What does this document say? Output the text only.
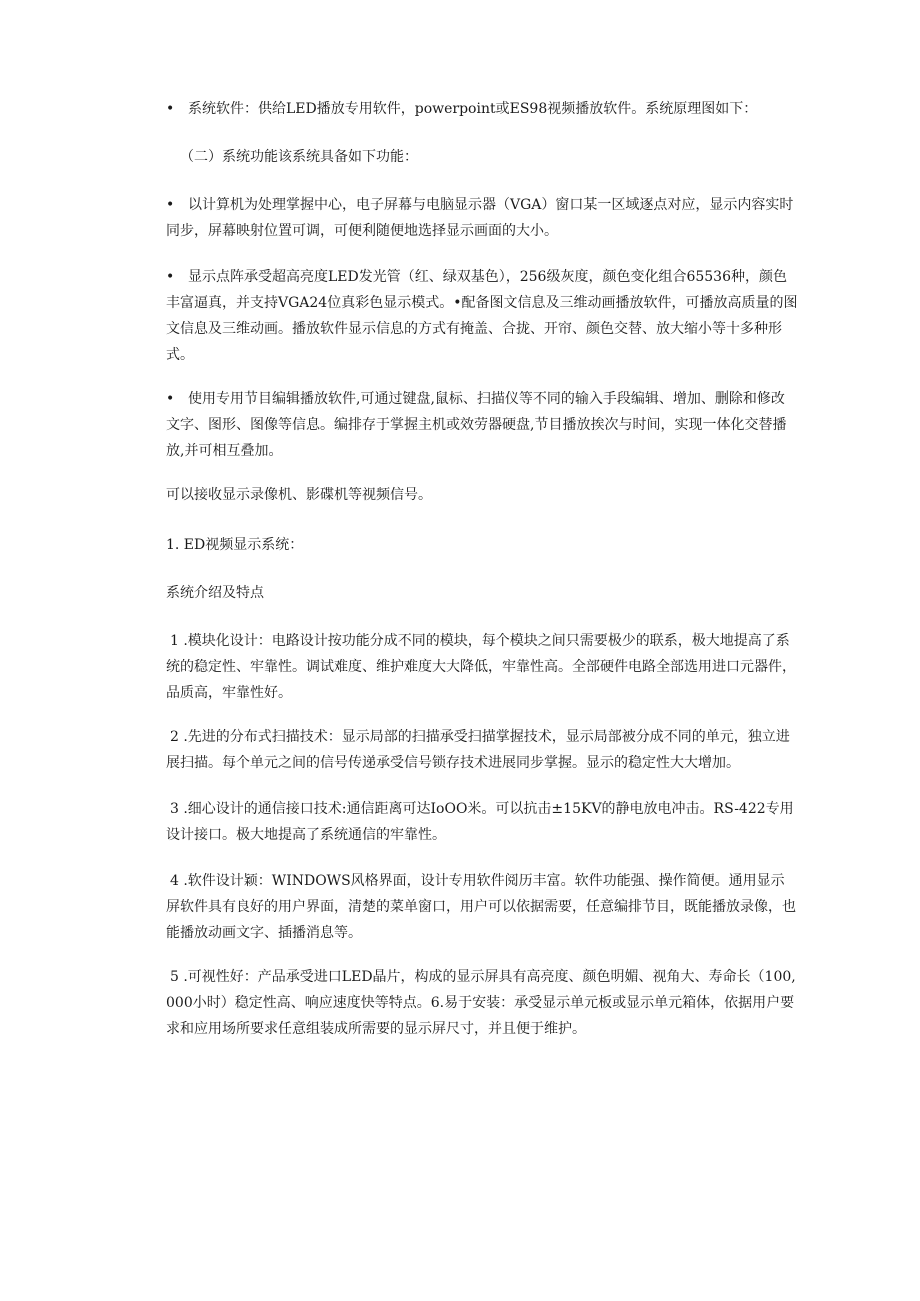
• 系统软件：供给LED播放专用软件，powerpoint或ES98视频播放软件。系统原理图如下：

（二）系统功能该系统具备如下功能：

• 以计算机为处理掌握中心，电子屏幕与电脑显示器（VGA）窗口某一区域逐点对应，显示内容实时同步，屏幕映射位置可调，可便利随便地选择显示画面的大小。

• 显示点阵承受超高亮度LED发光管（红、绿双基色），256级灰度，颜色变化组合65536种，颜色丰富逼真，并支持VGA24位真彩色显示模式。•配备图文信息及三维动画播放软件，可播放高质量的图文信息及三维动画。播放软件显示信息的方式有掩盖、合拢、开帘、颜色交替、放大缩小等十多种形式。

• 使用专用节目编辑播放软件,可通过键盘,鼠标、扫描仪等不同的输入手段编辑、增加、删除和修改文字、图形、图像等信息。编排存于掌握主机或效劳器硬盘,节目播放挨次与时间，实现一体化交替播放,并可相互叠加。

可以接收显示录像机、影碟机等视频信号。

1. ED视频显示系统：

系统介绍及特点

1 .模块化设计：电路设计按功能分成不同的模块，每个模块之间只需要极少的联系，极大地提高了系统的稳定性、牢靠性。调试难度、维护难度大大降低，牢靠性高。全部硬件电路全部选用进口元器件，品质高，牢靠性好。

2 .先进的分布式扫描技术：显示局部的扫描承受扫描掌握技术，显示局部被分成不同的单元，独立进展扫描。每个单元之间的信号传递承受信号锁存技术进展同步掌握。显示的稳定性大大增加。

3 .细心设计的通信接口技术:通信距离可达IoOO米。可以抗击±15KV的静电放电冲击。RS-422专用设计接口。极大地提高了系统通信的牢靠性。

4 .软件设计颖：WINDOWS风格界面，设计专用软件阅历丰富。软件功能强、操作简便。通用显示屏软件具有良好的用户界面，清楚的菜单窗口，用户可以依据需要，任意编排节目，既能播放录像，也能播放动画文字、插播消息等。

5 .可视性好：产品承受进口LED晶片，构成的显示屏具有高亮度、颜色明媚、视角大、寿命长（100,000小时）稳定性高、响应速度快等特点。6.易于安装：承受显示单元板或显示单元箱体，依据用户要求和应用场所要求任意组装成所需要的显示屏尺寸，并且便于维护。
